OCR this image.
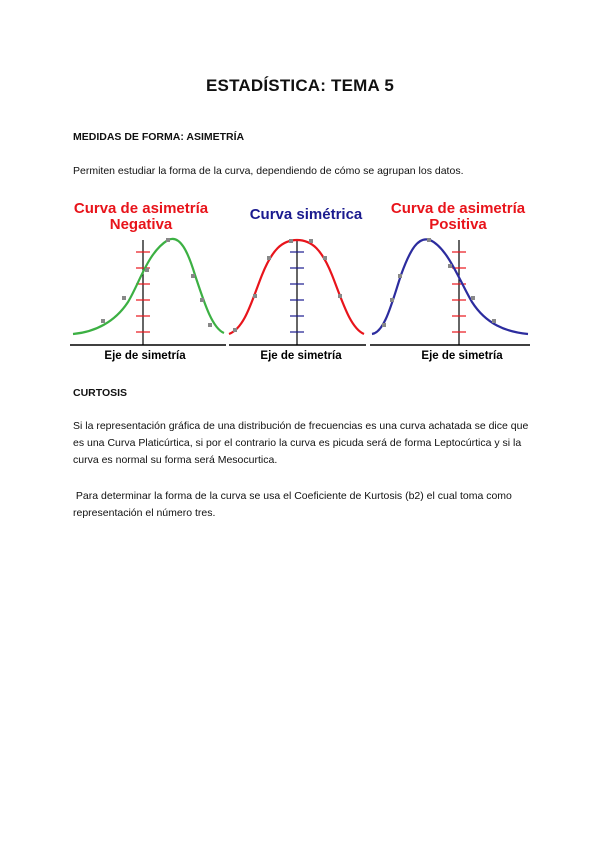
ESTADÍSTICA: TEMA 5
MEDIDAS DE FORMA: ASIMETRÍA
Permiten estudiar la forma de la curva, dependiendo de cómo se agrupan los datos.
Curva de asimetría
Negativa
Eje de simetría
Curva simétrica
Eje de simetría
Curva de asimetría
Positiva
Eje de simetría
CURTOSIS
Si la representación gráfica de una distribución de frecuencias es una curva achatada se dice que es una Curva Platicúrtica, si por el contrario la curva es picuda será de forma Leptocúrtica y si la curva es normal su forma será Mesocurtica.
Para determinar la forma de la curva se usa el Coeficiente de Kurtosis (b2) el cual toma como representación el número tres.
